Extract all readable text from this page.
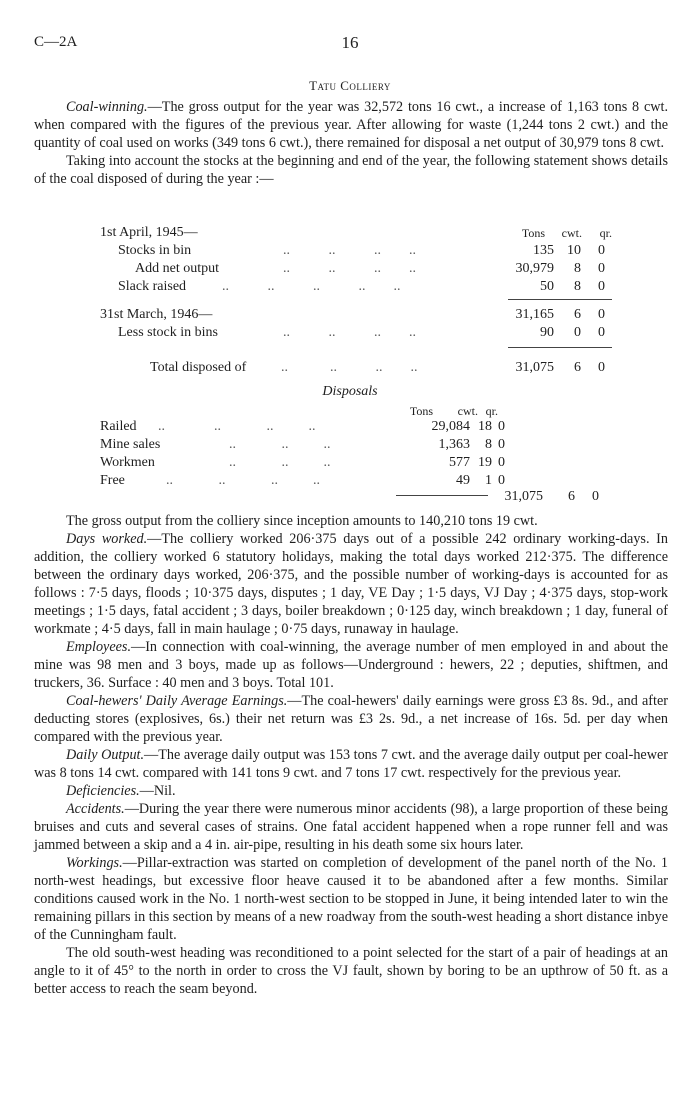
C—2A	16
Tatu Colliery

Coal-winning.—The gross output for the year was 32,572 tons 16 cwt., a increase of 1,163 tons 8 cwt. when compared with the figures of the previous year. After allowing for waste (1,244 tons 2 cwt.) and the quantity of coal used on works (349 tons 6 cwt.), there remained for disposal a net output of 30,979 tons 8 cwt.

Taking into account the stocks at the beginning and end of the year, the following statement shows details of the coal disposed of during the year :—

Tons cwt. qr.
1st April, 1945—
Stocks in bin	..           ..           ..        ..	135 10 0
Add net output	..           ..           ..        ..	30,979 8 0
Slack raised	..           ..           ..           ..        ..	50 8 0
31st March, 1946—	31,165 6 0
Less stock in bins	..           ..           ..        ..	90 0 0
Total disposed of ..            ..           ..        ..	31,075 6 0
Disposals
Tons cwt. qr.
Railed ..              ..             ..          ..	29,084 18 0
Mine sales	..             ..          ..	1,363 8 0
Workmen	..             ..          ..	577 19 0
Free	..             ..             ..          ..	49 1 0
31,075 6 0

The gross output from the colliery since inception amounts to 140,210 tons 19 cwt.

Days worked.—The colliery worked 206·375 days out of a possible 242 ordinary working-days. In addition, the colliery worked 6 statutory holidays, making the total days worked 212·375. The difference between the ordinary days worked, 206·375, and the possible number of working-days is accounted for as follows : 7·5 days, floods ; 10·375 days, disputes ; 1 day, VE Day ; 1·5 days, VJ Day ; 4·375 days, stop-work meetings ; 1·5 days, fatal accident ; 3 days, boiler breakdown ; 0·125 day, winch breakdown ; 1 day, funeral of workmate ; 4·5 days, fall in main haulage ; 0·75 days, runaway in haulage.

Employees.—In connection with coal-winning, the average number of men employed in and about the mine was 98 men and 3 boys, made up as follows—Underground : hewers, 22 ; deputies, shiftmen, and truckers, 36. Surface : 40 men and 3 boys. Total 101.

Coal-hewers' Daily Average Earnings.—The coal-hewers' daily earnings were gross £3 8s. 9d., and after deducting stores (explosives, 6s.) their net return was £3 2s. 9d., a net increase of 16s. 5d. per day when compared with the previous year.

Daily Output.—The average daily output was 153 tons 7 cwt. and the average daily output per coal-hewer was 8 tons 14 cwt. compared with 141 tons 9 cwt. and 7 tons 17 cwt. respectively for the previous year.

Deficiencies.—Nil.

Accidents.—During the year there were numerous minor accidents (98), a large proportion of these being bruises and cuts and several cases of strains. One fatal accident happened when a rope runner fell and was jammed between a skip and a 4 in. air-pipe, resulting in his death some six hours later.

Workings.—Pillar-extraction was started on completion of development of the panel north of the No. 1 north-west headings, but excessive floor heave caused it to be abandoned after a few months. Similar conditions caused work in the No. 1 north-west section to be stopped in June, it being intended later to win the remaining pillars in this section by means of a new roadway from the south-west heading a short distance inbye of the Cunningham fault.

The old south-west heading was reconditioned to a point selected for the start of a pair of headings at an angle to it of 45° to the north in order to cross the VJ fault, shown by boring to be an upthrow of 50 ft. as a better access to reach the seam beyond.
